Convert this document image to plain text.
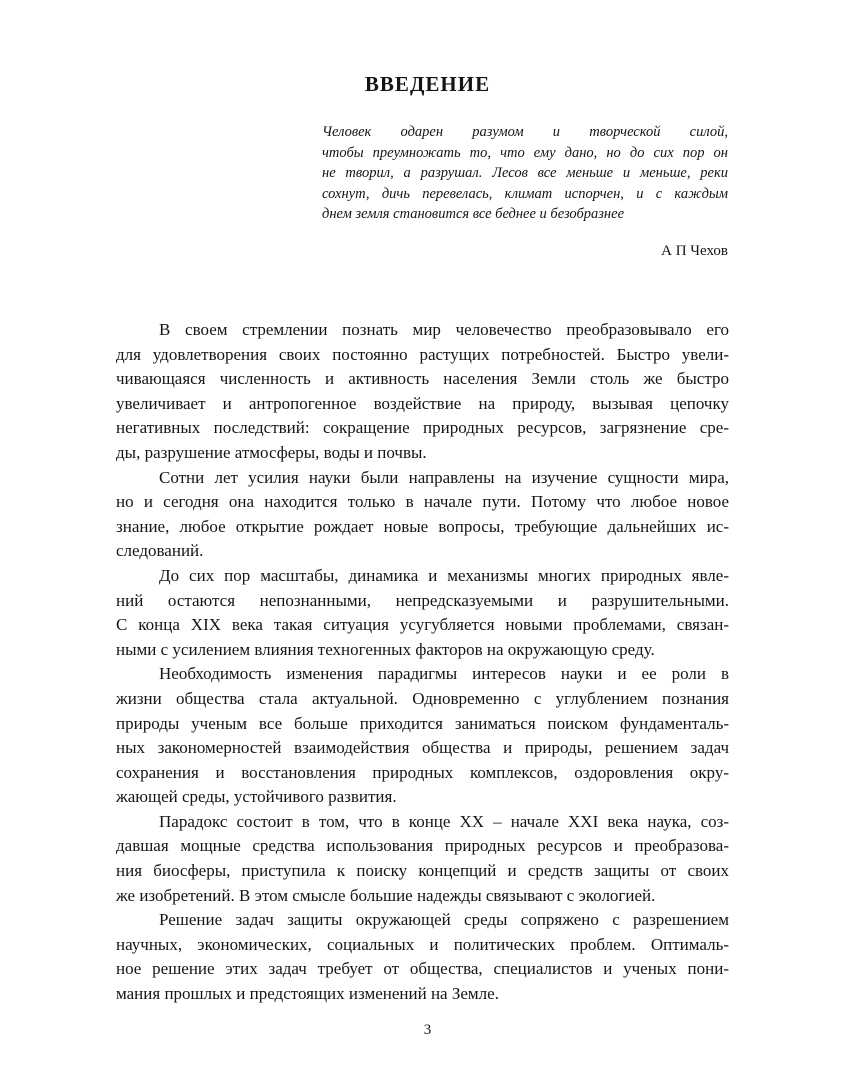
ВВЕДЕНИЕ
Человек одарен разумом и творческой силой,
чтобы преумножать то, что ему дано, но до сих пор он
не творил, а разрушал. Лесов все меньше и меньше, реки
сохнут, дичь перевелась, климат испорчен, и с каждым
днем земля становится все беднее и безобразнее

А П Чехов

В своем стремлении познать мир человечество преобразовывало его
для удовлетворения своих постоянно растущих потребностей. Быстро увели-
чивающаяся численность и активность населения Земли столь же быстро
увеличивает и антропогенное воздействие на природу, вызывая цепочку
негативных последствий: сокращение природных ресурсов, загрязнение сре-
ды, разрушение атмосферы, воды и почвы.
Сотни лет усилия науки были направлены на изучение сущности мира,
но и сегодня она находится только в начале пути. Потому что любое новое
знание, любое открытие рождает новые вопросы, требующие дальнейших ис-
следований.
До сих пор масштабы, динамика и механизмы многих природных явле-
ний остаются непознанными, непредсказуемыми и разрушительными.
С конца XIX века такая ситуация усугубляется новыми проблемами, связан-
ными с усилением влияния техногенных факторов на окружающую среду.
Необходимость изменения парадигмы интересов науки и ее роли в
жизни общества стала актуальной. Одновременно с углублением познания
природы ученым все больше приходится заниматься поиском фундаменталь-
ных закономерностей взаимодействия общества и природы, решением задач
сохранения и восстановления природных комплексов, оздоровления окру-
жающей среды, устойчивого развития.
Парадокс состоит в том, что в конце XX – начале XXI века наука, соз-
давшая мощные средства использования природных ресурсов и преобразова-
ния биосферы, приступила к поиску концепций и средств защиты от своих
же изобретений. В этом смысле большие надежды связывают с экологией.
Решение задач защиты окружающей среды сопряжено с разрешением
научных, экономических, социальных и политических проблем. Оптималь-
ное решение этих задач требует от общества, специалистов и ученых пони-
мания прошлых и предстоящих изменений на Земле.

3
